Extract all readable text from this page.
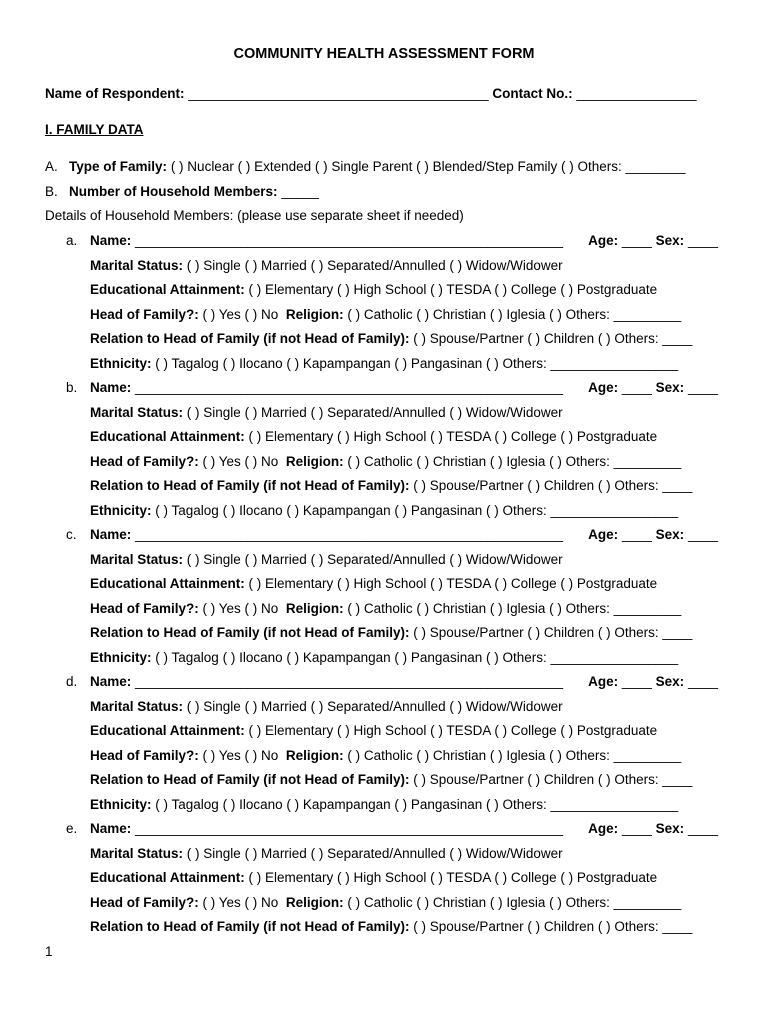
COMMUNITY HEALTH ASSESSMENT FORM
Name of Respondent: ________________________________________ Contact No.: ________________
I. FAMILY DATA
A. Type of Family: ( ) Nuclear ( ) Extended ( ) Single Parent ( ) Blended/Step Family ( ) Others: ________
B. Number of Household Members: _____
Details of Household Members: (please use separate sheet if needed)
a. Name: _________________________________________________________ Age: ____ Sex: ____
Marital Status: ( ) Single ( ) Married ( ) Separated/Annulled ( ) Widow/Widower
Educational Attainment: ( ) Elementary ( ) High School ( ) TESDA ( ) College ( ) Postgraduate
Head of Family?: ( ) Yes ( ) No Religion: ( ) Catholic ( ) Christian ( ) Iglesia ( ) Others: _________
Relation to Head of Family (if not Head of Family): ( ) Spouse/Partner ( ) Children ( ) Others: ____
Ethnicity: ( ) Tagalog ( ) Ilocano ( ) Kapampangan ( ) Pangasinan ( ) Others: _________________
b. Name: _________________________________________________________ Age: ____ Sex: ____
Marital Status: ( ) Single ( ) Married ( ) Separated/Annulled ( ) Widow/Widower
Educational Attainment: ( ) Elementary ( ) High School ( ) TESDA ( ) College ( ) Postgraduate
Head of Family?: ( ) Yes ( ) No Religion: ( ) Catholic ( ) Christian ( ) Iglesia ( ) Others: _________
Relation to Head of Family (if not Head of Family): ( ) Spouse/Partner ( ) Children ( ) Others: ____
Ethnicity: ( ) Tagalog ( ) Ilocano ( ) Kapampangan ( ) Pangasinan ( ) Others: _________________
c. Name: _________________________________________________________ Age: ____ Sex: ____
Marital Status: ( ) Single ( ) Married ( ) Separated/Annulled ( ) Widow/Widower
Educational Attainment: ( ) Elementary ( ) High School ( ) TESDA ( ) College ( ) Postgraduate
Head of Family?: ( ) Yes ( ) No Religion: ( ) Catholic ( ) Christian ( ) Iglesia ( ) Others: _________
Relation to Head of Family (if not Head of Family): ( ) Spouse/Partner ( ) Children ( ) Others: ____
Ethnicity: ( ) Tagalog ( ) Ilocano ( ) Kapampangan ( ) Pangasinan ( ) Others: _________________
d. Name: _________________________________________________________ Age: ____ Sex: ____
Marital Status: ( ) Single ( ) Married ( ) Separated/Annulled ( ) Widow/Widower
Educational Attainment: ( ) Elementary ( ) High School ( ) TESDA ( ) College ( ) Postgraduate
Head of Family?: ( ) Yes ( ) No Religion: ( ) Catholic ( ) Christian ( ) Iglesia ( ) Others: _________
Relation to Head of Family (if not Head of Family): ( ) Spouse/Partner ( ) Children ( ) Others: ____
Ethnicity: ( ) Tagalog ( ) Ilocano ( ) Kapampangan ( ) Pangasinan ( ) Others: _________________
e. Name: _________________________________________________________ Age: ____ Sex: ____
Marital Status: ( ) Single ( ) Married ( ) Separated/Annulled ( ) Widow/Widower
Educational Attainment: ( ) Elementary ( ) High School ( ) TESDA ( ) College ( ) Postgraduate
Head of Family?: ( ) Yes ( ) No Religion: ( ) Catholic ( ) Christian ( ) Iglesia ( ) Others: _________
Relation to Head of Family (if not Head of Family): ( ) Spouse/Partner ( ) Children ( ) Others: ____
1
